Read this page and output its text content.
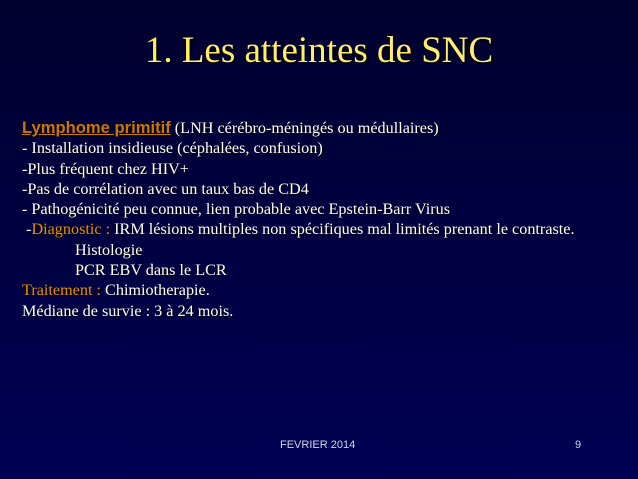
1. Les atteintes de SNC
Lymphome primitif (LNH cérébro-méningés ou médullaires)
- Installation insidieuse (céphalées, confusion)
-Plus fréquent chez HIV+
-Pas de corrélation avec un taux bas de CD4
- Pathogénicité peu connue, lien probable avec Epstein-Barr Virus
-Diagnostic : IRM lésions multiples non spécifiques mal limités prenant le contraste.
Histologie
PCR EBV dans le LCR
Traitement : Chimiotherapie.
Médiane de survie : 3 à 24 mois.
FEVRIER 2014	9
